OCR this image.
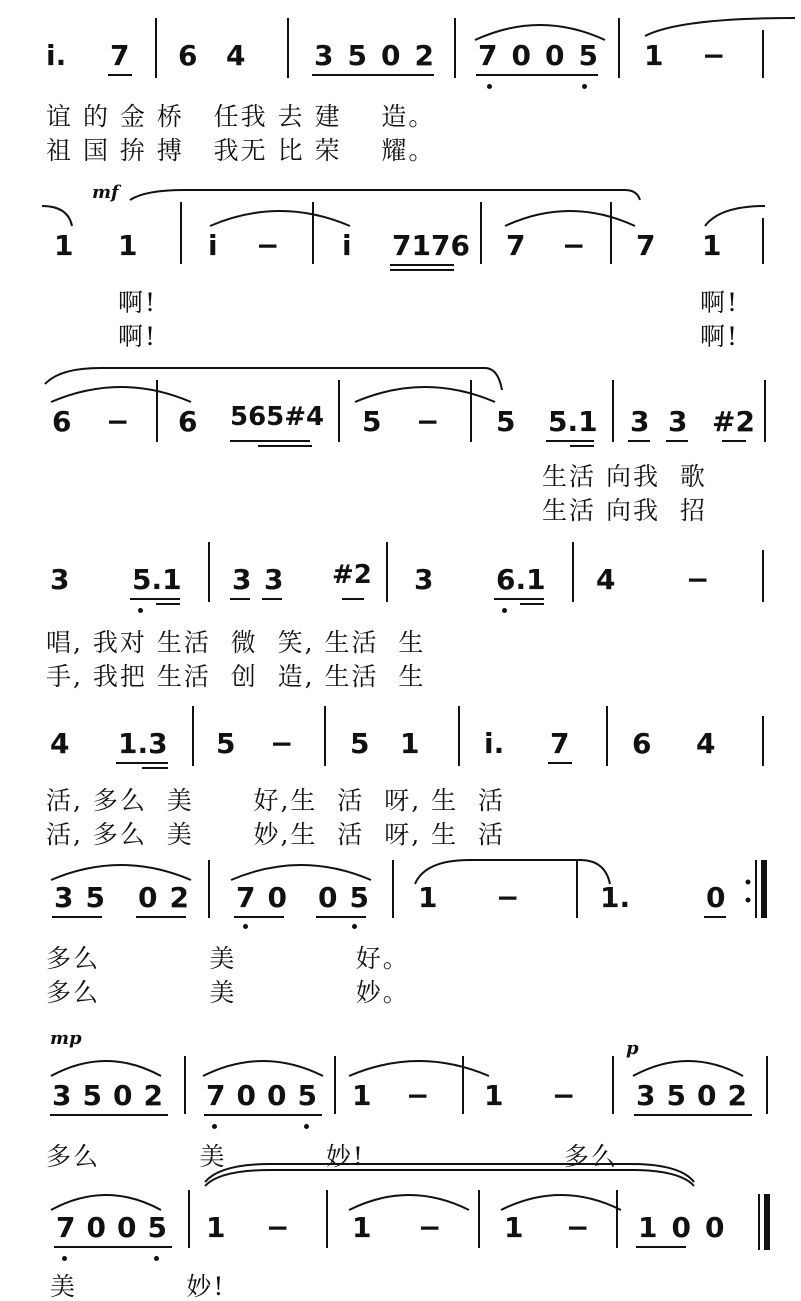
i. 7 6 4 3502 7005 1 −
谊 的 金 桥   任我 去 建    造。
祖 国 拚 搏   我无 比 荣    耀。
mf
1 1	i − i 7176 7 − 7 1
啊!	啊!
啊!	啊!
6 − 6 565#4 5 − 5 5.1 3 3 #2
生活 向我  歌
生活 向我  招
3 5.1 3 3 #2 3 6.1 4	−
唱, 我对 生活  微  笑, 生活  生
手, 我把 生活  创  造, 生活  生
4 1.3 5 − 5 1 i. 7 6 4
活, 多么  美      好,生  活  呀, 生  活
活, 多么  美      妙,生  活  呀, 生  活
35 02 70 05 1 −	1.	0
多么           美            好。
多么           美            妙。
mp	p
3502 7005 1 − 1 − 3502
多么          美          妙!                    多么
7005 1 − 1 − 1 − 100
美           妙!
